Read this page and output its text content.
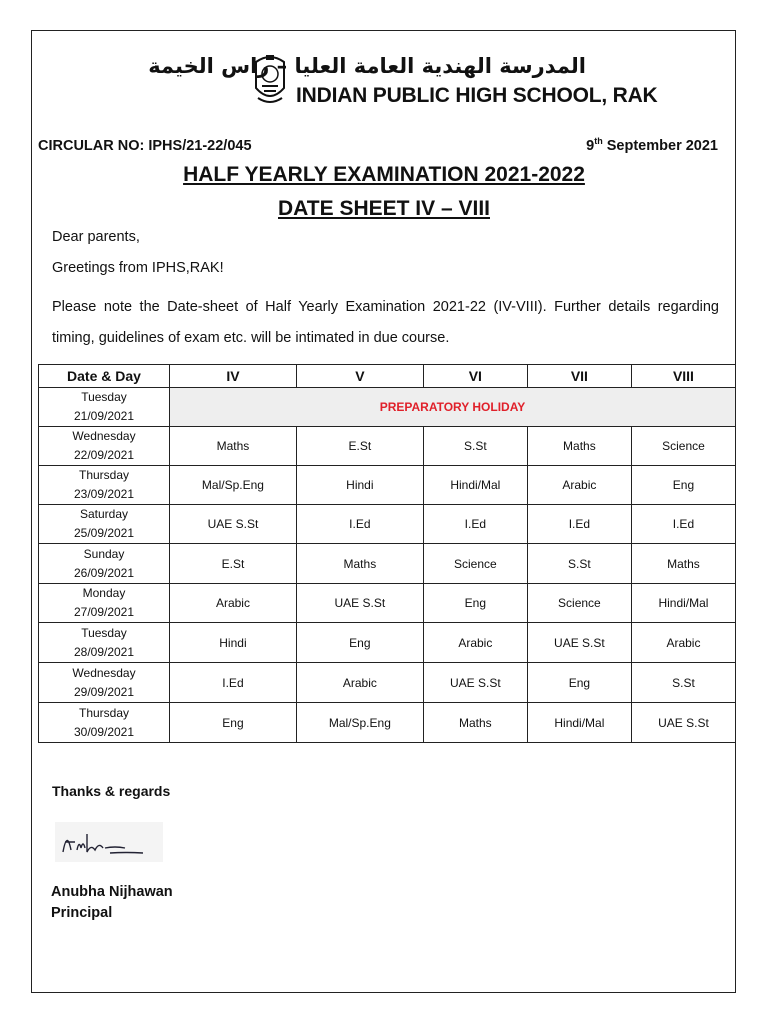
المدرسة الهندية العامة العليا – راس الخيمة
INDIAN PUBLIC HIGH SCHOOL, RAK
CIRCULAR NO: IPHS/21-22/045	9th September 2021
HALF YEARLY EXAMINATION 2021-2022
DATE SHEET IV – VIII
Dear parents,
Greetings from IPHS,RAK!
Please note the Date-sheet of Half Yearly Examination 2021-22 (IV-VIII). Further details regarding timing, guidelines of exam etc. will be intimated in due course.
Date & Day	IV	V	VI	VII	VIII
Tuesday
21/09/2021	PREPARATORY HOLIDAY				
Wednesday
22/09/2021	Maths	E.St	S.St	Maths	Science
Thursday
23/09/2021	Mal/Sp.Eng	Hindi	Hindi/Mal	Arabic	Eng
Saturday
25/09/2021	UAE S.St	I.Ed	I.Ed	I.Ed	I.Ed
Sunday
26/09/2021	E.St	Maths	Science	S.St	Maths
Monday
27/09/2021	Arabic	UAE S.St	Eng	Science	Hindi/Mal
Tuesday
28/09/2021	Hindi	Eng	Arabic	UAE S.St	Arabic
Wednesday
29/09/2021	I.Ed	Arabic	UAE S.St	Eng	S.St
Thursday
30/09/2021	Eng	Mal/Sp.Eng	Maths	Hindi/Mal	UAE S.St
Thanks & regards
Anubha Nijhawan
Principal
